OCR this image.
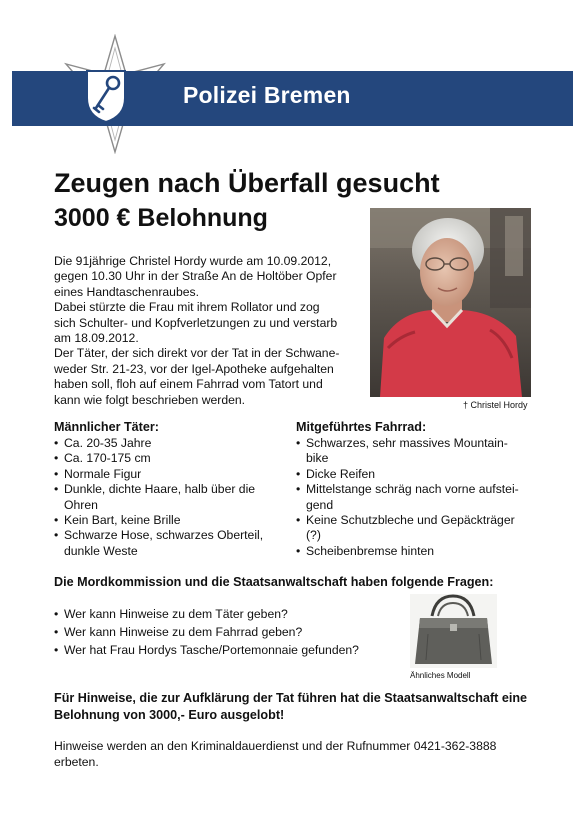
Polizei Bremen
Zeugen nach Überfall gesucht
3000 € Belohnung
† Christel Hordy
Die 91jährige Christel Hordy wurde am 10.09.2012,
gegen 10.30 Uhr in der Straße An de Holtöber Opfer
eines Handtaschenraubes.
Dabei stürzte die Frau mit ihrem Rollator und zog
sich Schulter- und Kopfverletzungen zu und verstarb
am 18.09.2012.
Der Täter, der sich direkt vor der Tat in der Schwane-
weder Str. 21-23, vor der Igel-Apotheke aufgehalten
haben soll, floh auf einem Fahrrad vom Tatort und
kann wie folgt beschrieben werden.
Männlicher Täter:
• Ca. 20-35 Jahre
• Ca. 170-175 cm
• Normale Figur
• Dunkle, dichte Haare, halb über die
Ohren
• Kein Bart, keine Brille
• Schwarze Hose, schwarzes Oberteil,
dunkle Weste
Mitgeführtes Fahrrad:
• Schwarzes, sehr massives Mountain-
bike
• Dicke Reifen
• Mittelstange schräg nach vorne aufstei-
gend
• Keine Schutzbleche und Gepäckträger
(?)
• Scheibenbremse hinten
Die Mordkommission und die Staatsanwaltschaft haben folgende Fragen:
• Wer kann Hinweise zu dem Täter geben?
• Wer kann Hinweise zu dem Fahrrad geben?
• Wer hat Frau Hordys Tasche/Portemonnaie gefunden?
Ähnliches Modell
Für Hinweise, die zur Aufklärung der Tat führen hat die Staatsanwaltschaft eine
Belohnung von 3000,- Euro ausgelobt!
Hinweise werden an den Kriminaldauerdienst und der Rufnummer 0421-362-3888
erbeten.
